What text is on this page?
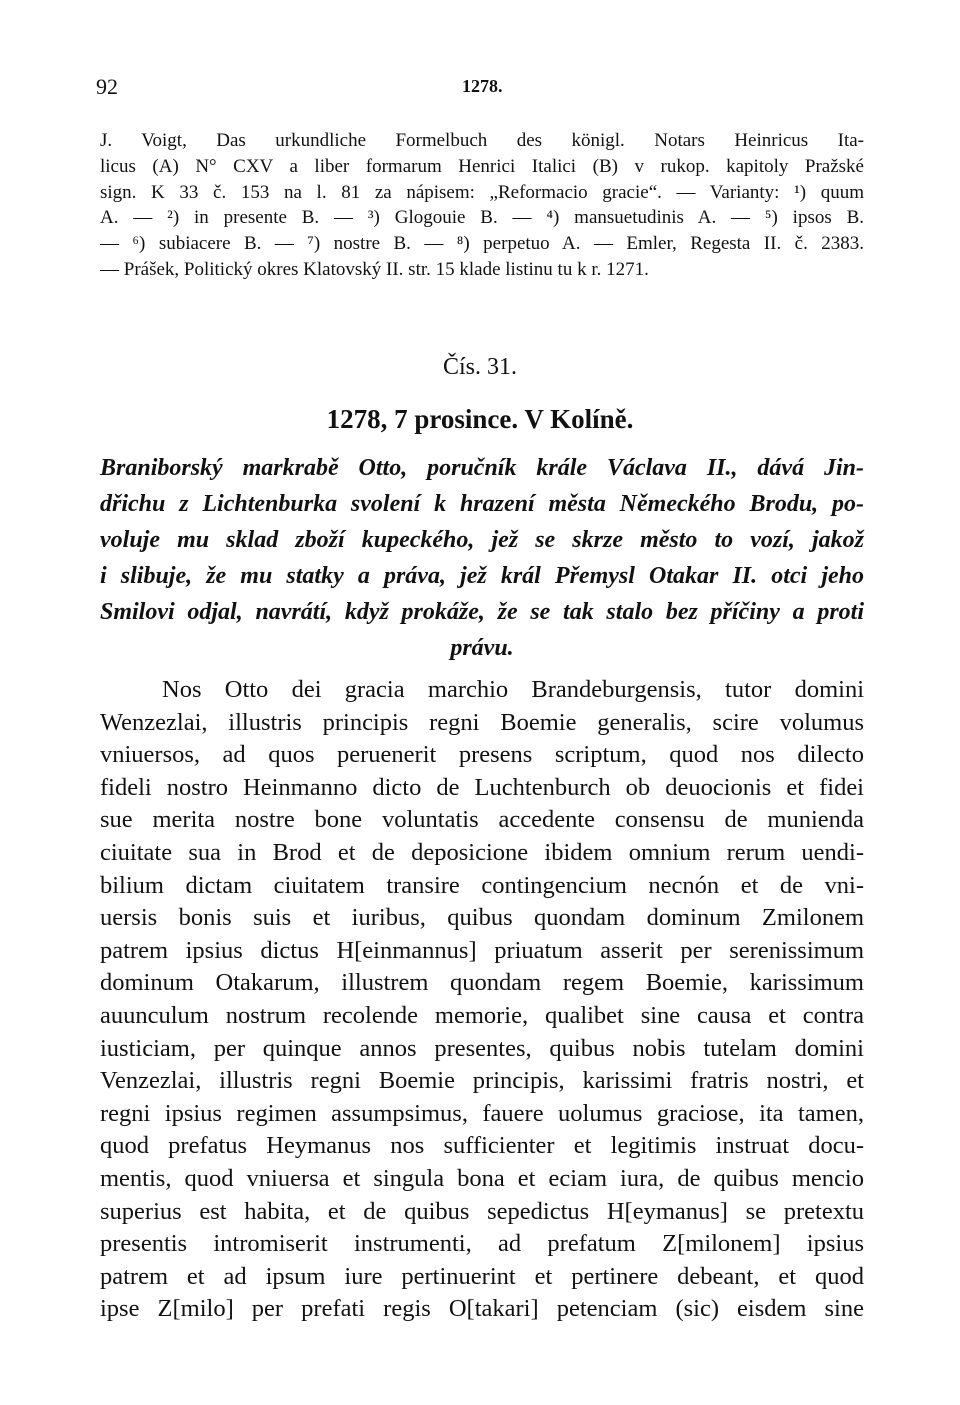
92	1278.
J. Voigt, Das urkundliche Formelbuch des königl. Notars Heinricus Ita-
licus (A) N° CXV a liber formarum Henrici Italici (B) v rukop. kapitoly Pražské
sign. K 33 č. 153 na l. 81 za nápisem: „Reformacio gracie“. — Varianty: ¹) quum
A. — ²) in presente B. — ³) Glogouie B. — ⁴) mansuetudinis A. — ⁵) ipsos B.
— ⁶) subiacere B. — ⁷) nostre B. — ⁸) perpetuo A. — Emler, Regesta II. č. 2383.
— Prášek, Politický okres Klatovský II. str. 15 klade listinu tu k r. 1271.
Čís. 31.
1278, 7 prosince. V Kolíně.
Braniborský markrabě Otto, poručník krále Václava II., dává Jin-
dřichu z Lichtenburka svolení k hrazení města Německého Brodu, po-
voluje mu sklad zboží kupeckého, jež se skrze město to vozí, jakož
i slibuje, že mu statky a práva, jež král Přemysl Otakar II. otci jeho
Smilovi odjal, navrátí, když prokáže, že se tak stalo bez příčiny a proti
právu.
Nos Otto dei gracia marchio Brandeburgensis, tutor domini
Wenzezlai, illustris principis regni Boemie generalis, scire volumus
vniuersos, ad quos peruenerit presens scriptum, quod nos dilecto
fideli nostro Heinmanno dicto de Luchtenburch ob deuocionis et fidei
sue merita nostre bone voluntatis accedente consensu de munienda
ciuitate sua in Brod et de deposicione ibidem omnium rerum uendi-
bilium dictam ciuitatem transire contingencium necnón et de vni-
uersis bonis suis et iuribus, quibus quondam dominum Zmilonem
patrem ipsius dictus H[einmannus] priuatum asserit per serenissimum
dominum Otakarum, illustrem quondam regem Boemie, karissimum
auunculum nostrum recolende memorie, qualibet sine causa et contra
iusticiam, per quinque annos presentes, quibus nobis tutelam domini
Venzezlai, illustris regni Boemie principis, karissimi fratris nostri, et
regni ipsius regimen assumpsimus, fauere uolumus graciose, ita tamen,
quod prefatus Heymanus nos sufficienter et legitimis instruat docu-
mentis, quod vniuersa et singula bona et eciam iura, de quibus mencio
superius est habita, et de quibus sepedictus H[eymanus] se pretextu
presentis intromiserit instrumenti, ad prefatum Z[milonem] ipsius
patrem et ad ipsum iure pertinuerint et pertinere debeant, et quod
ipse Z[milo] per prefati regis O[takari] petenciam (sic) eisdem sine
